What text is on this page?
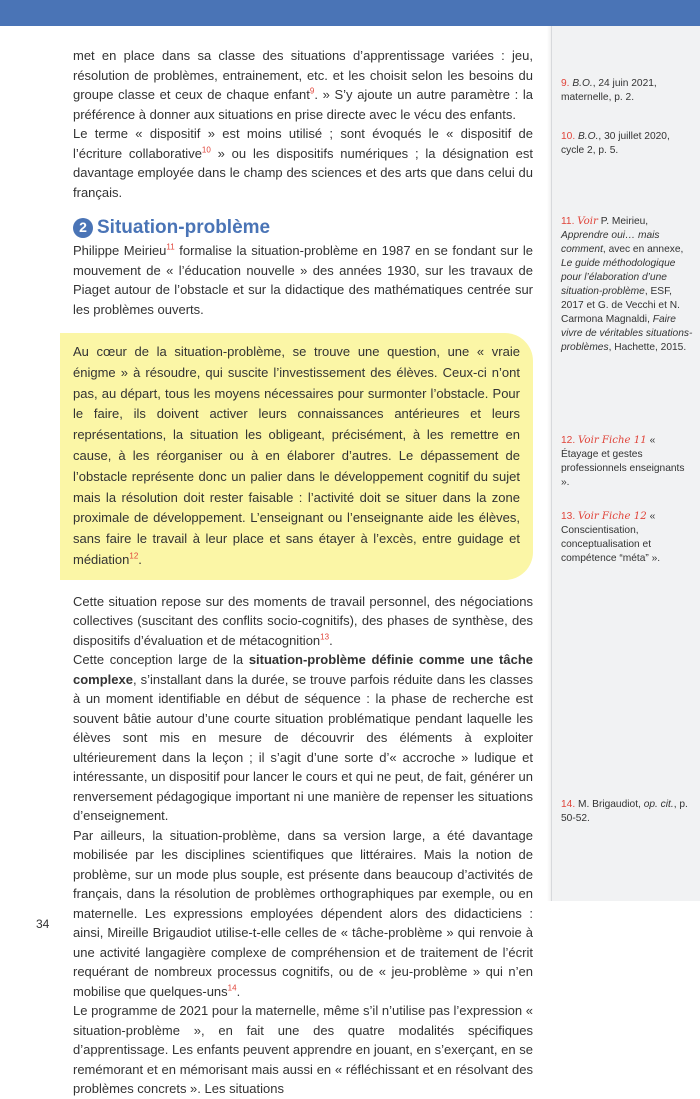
met en place dans sa classe des situations d’apprentissage variées : jeu, résolution de problèmes, entrainement, etc. et les choisit selon les besoins du groupe classe et ceux de chaque enfant$^9$. » S’y ajoute un autre paramètre : la préférence à donner aux situations en prise directe avec le vécu des enfants.

Le terme « dispositif » est moins utilisé ; sont évoqués le « dispositif de l’écriture collaborative$^{10}$ » ou les dispositifs numériques ; la désignation est davantage employée dans le champ des sciences et des arts que dans celui du français.

2 Situation-problème

Philippe Meirieu$^{11}$ formalise la situation-problème en 1987 en se fondant sur le mouvement de « l’éducation nouvelle » des années 1930, sur les travaux de Piaget autour de l’obstacle et sur la didactique des mathématiques centrée sur les problèmes ouverts.

Au cœur de la situation-problème, se trouve une question, une « vraie énigme » à résoudre, qui suscite l’investissement des élèves. Ceux-ci n’ont pas, au départ, tous les moyens nécessaires pour surmonter l’obstacle. Pour le faire, ils doivent activer leurs connaissances antérieures et leurs représentations, la situation les obligeant, précisément, à les remettre en cause, à les réorganiser ou à en élaborer d’autres. Le dépassement de l’obstacle représente donc un palier dans le développement cognitif du sujet mais la résolution doit rester faisable : l’activité doit se situer dans la zone proximale de développement. L’enseignant ou l’enseignante aide les élèves, sans faire le travail à leur place et sans étayer à l’excès, entre guidage et médiation$^{12}$.

Cette situation repose sur des moments de travail personnel, des négociations collectives (suscitant des conflits socio-cognitifs), des phases de synthèse, des dispositifs d’évaluation et de métacognition$^{13}$.

Cette conception large de la situation-problème définie comme une tâche complexe, s’installant dans la durée, se trouve parfois réduite dans les classes à un moment identifiable en début de séquence : la phase de recherche est souvent bâtie autour d’une courte situation problématique pendant laquelle les élèves sont mis en mesure de découvrir des éléments à exploiter ultérieurement dans la leçon ; il s’agit d’une sorte d’« accroche » ludique et intéressante, un dispositif pour lancer le cours et qui ne peut, de fait, générer un renversement pédagogique important ni une manière de repenser les situations d’enseignement.

Par ailleurs, la situation-problème, dans sa version large, a été davantage mobilisée par les disciplines scientifiques que littéraires. Mais la notion de problème, sur un mode plus souple, est présente dans beaucoup d’activités de français, dans la résolution de problèmes orthographiques par exemple, ou en maternelle. Les expressions employées dépendent alors des didacticiens : ainsi, Mireille Brigaudiot utilise-t-elle celles de « tâche-problème » qui renvoie à une activité langagière complexe de compréhension et de traitement de l’écrit requérant de nombreux processus cognitifs, ou de « jeu-problème » qui n’en mobilise que quelques-uns$^{14}$.

Le programme de 2021 pour la maternelle, même s’il n’utilise pas l’expression « situation-problème », en fait une des quatre modalités spécifiques d’apprentissage. Les enfants peuvent apprendre en jouant, en s’exerçant, en se remémorant et en mémorisant mais aussi en « réfléchissant et en résolvant des problèmes concrets ». Les situations

9. B.O., 24 juin 2021, maternelle, p. 2.
10. B.O., 30 juillet 2020, cycle 2, p. 5.
11. Voir P. Meirieu, Apprendre oui… mais comment, avec en annexe, Le guide méthodologique pour l’élaboration d’une situation-problème, ESF, 2017 et G. de Vecchi et N. Carmona Magnaldi, Faire vivre de véritables situations-problèmes, Hachette, 2015.
12. Voir Fiche 11 « Étayage et gestes professionnels enseignants ».
13. Voir Fiche 12 « Conscientisation, conceptualisation et compétence “méta” ».
14. M. Brigaudiot, op. cit., p. 50-52.
34
